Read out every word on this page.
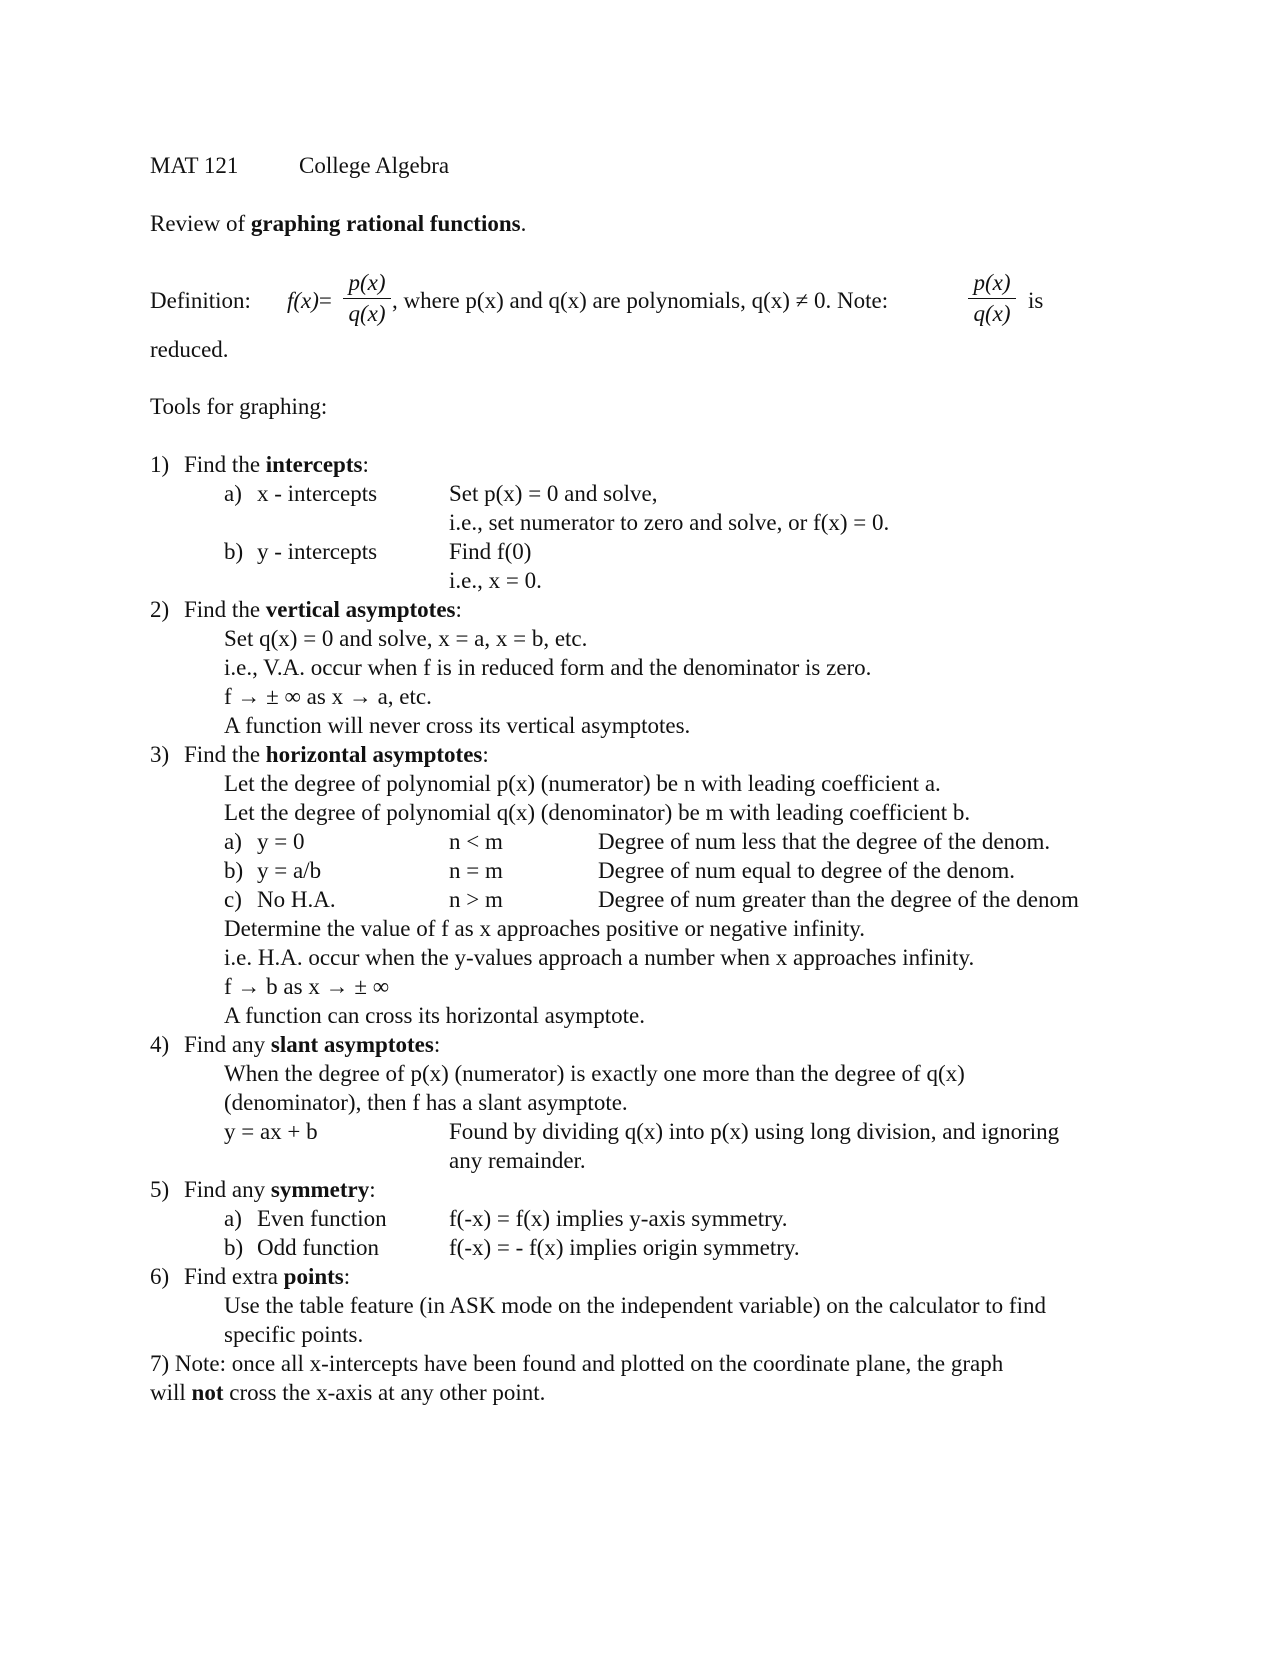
MAT 121	College Algebra
Review of graphing rational functions.
Definition: f(x)=
p(x)
q(x)
, where p(x) and q(x) are polynomials, q(x) ≠ 0. Note:
p(x)
q(x)
is
reduced.
Tools for graphing:
1) Find the intercepts:
a) x - intercepts	Set p(x) = 0 and solve,
i.e., set numerator to zero and solve, or f(x) = 0.
b) y - intercepts	Find f(0)
i.e., x = 0.
2) Find the vertical asymptotes:
Set q(x) = 0 and solve, x = a, x = b, etc.
i.e., V.A. occur when f is in reduced form and the denominator is zero.
f → ± ∞ as x → a, etc.
A function will never cross its vertical asymptotes.
3) Find the horizontal asymptotes:
Let the degree of polynomial p(x) (numerator) be n with leading coefficient a.
Let the degree of polynomial q(x) (denominator) be m with leading coefficient b.
a) y = 0	n < m	Degree of num less that the degree of the denom.
b) y = a/b	n = m	Degree of num equal to degree of the denom.
c) No H.A.	n > m	Degree of num greater than the degree of the denom
Determine the value of f as x approaches positive or negative infinity.
i.e. H.A. occur when the y-values approach a number when x approaches infinity.
f → b as x → ± ∞
A function can cross its horizontal asymptote.
4) Find any slant asymptotes:
When the degree of p(x) (numerator) is exactly one more than the degree of q(x)
(denominator), then f has a slant asymptote.
y = ax + b	Found by dividing q(x) into p(x) using long division, and ignoring
any remainder.
5) Find any symmetry:
a) Even function	f(-x) = f(x) implies y-axis symmetry.
b) Odd function	f(-x) = - f(x) implies origin symmetry.
6) Find extra points:
Use the table feature (in ASK mode on the independent variable) on the calculator to find
specific points.
7) Note: once all x-intercepts have been found and plotted on the coordinate plane, the graph
will not cross the x-axis at any other point.
